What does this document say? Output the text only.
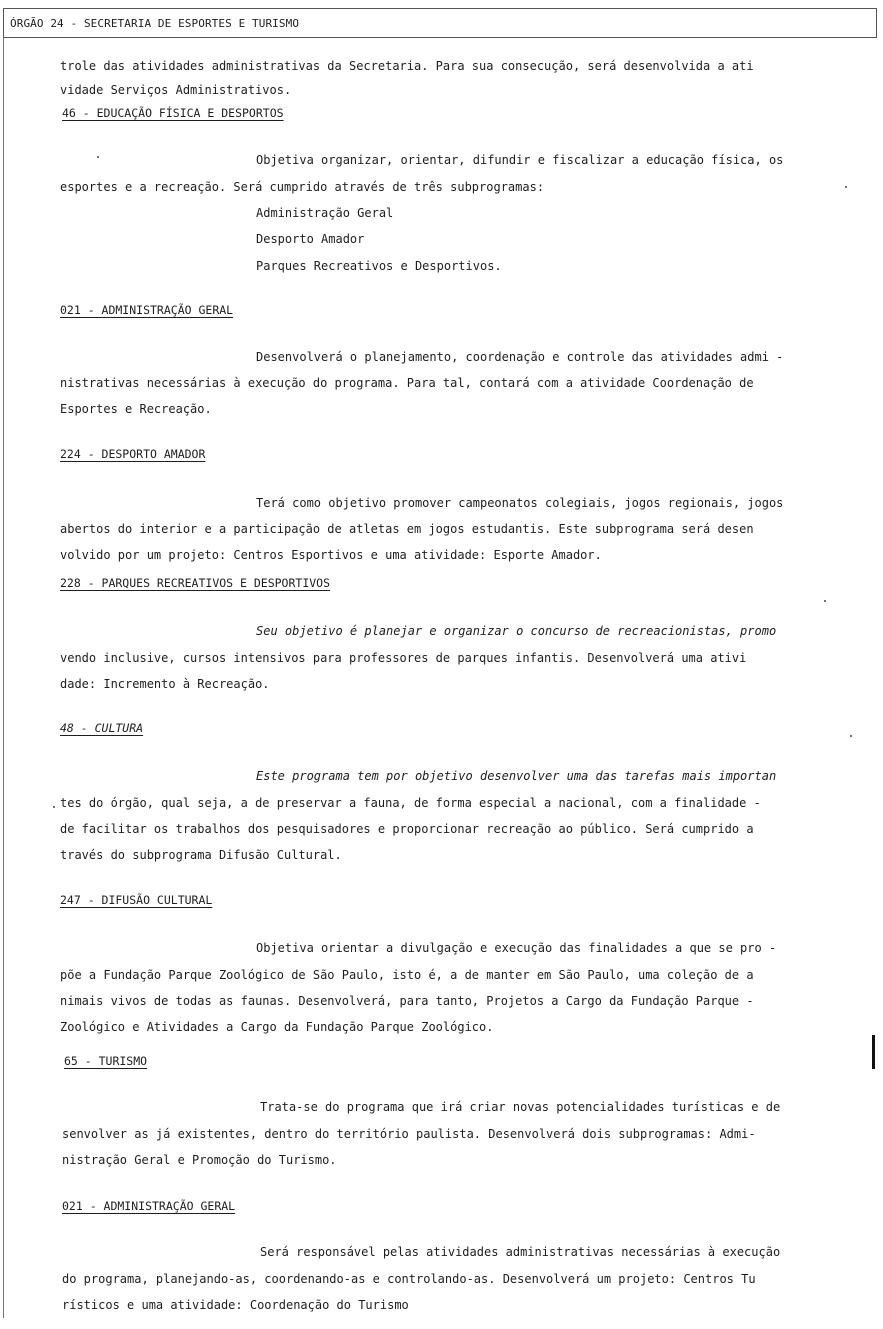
ÓRGÃO 24 - SECRETARIA DE ESPORTES E TURISMO
trole das atividades administrativas da Secretaria. Para sua consecução, será desenvolvida a ati
vidade Serviços Administrativos.
46 - EDUCAÇÃO FÍSICA E DESPORTOS
Objetiva organizar, orientar, difundir e fiscalizar a educação física, os
esportes e a recreação. Será cumprido através de três subprogramas:
Administração Geral
Desporto Amador
Parques Recreativos e Desportivos.
021 - ADMINISTRAÇÃO GERAL
Desenvolverá o planejamento, coordenação e controle das atividades admi -
nistrativas necessárias à execução do programa. Para tal, contará com a atividade Coordenação de
Esportes e Recreação.
224 - DESPORTO AMADOR
Terá como objetivo promover campeonatos colegiais, jogos regionais, jogos
abertos do interior e a participação de atletas em jogos estudantis. Este subprograma será desen
volvido por um projeto: Centros Esportivos e uma atividade: Esporte Amador.
228 - PARQUES RECREATIVOS E DESPORTIVOS
Seu objetivo é planejar e organizar o concurso de recreacionistas, promo
vendo inclusive, cursos intensivos para professores de parques infantis. Desenvolverá uma ativi
dade: Incremento à Recreação.
48 - CULTURA
Este programa tem por objetivo desenvolver uma das tarefas mais importan
tes do órgão, qual seja, a de preservar a fauna, de forma especial a nacional, com a finalidade -
de facilitar os trabalhos dos pesquisadores e proporcionar recreação ao público. Será cumprido a
través do subprograma Difusão Cultural.
247 - DIFUSÃO CULTURAL
Objetiva orientar a divulgação e execução das finalidades a que se pro -
põe a Fundação Parque Zoológico de São Paulo, isto é, a de manter em São Paulo, uma coleção de a
nimais vivos de todas as faunas. Desenvolverá, para tanto, Projetos a Cargo da Fundação Parque -
Zoológico e Atividades a Cargo da Fundação Parque Zoológico.
65 - TURISMO
Trata-se do programa que irá criar novas potencialidades turísticas e de
senvolver as já existentes, dentro do território paulista. Desenvolverá dois subprogramas: Admi-
nistração Geral e Promoção do Turismo.
021 - ADMINISTRAÇÃO GERAL
Será responsável pelas atividades administrativas necessárias à execução
do programa, planejando-as, coordenando-as e controlando-as. Desenvolverá um projeto: Centros Tu
rísticos e uma atividade: Coordenação do Turismo
